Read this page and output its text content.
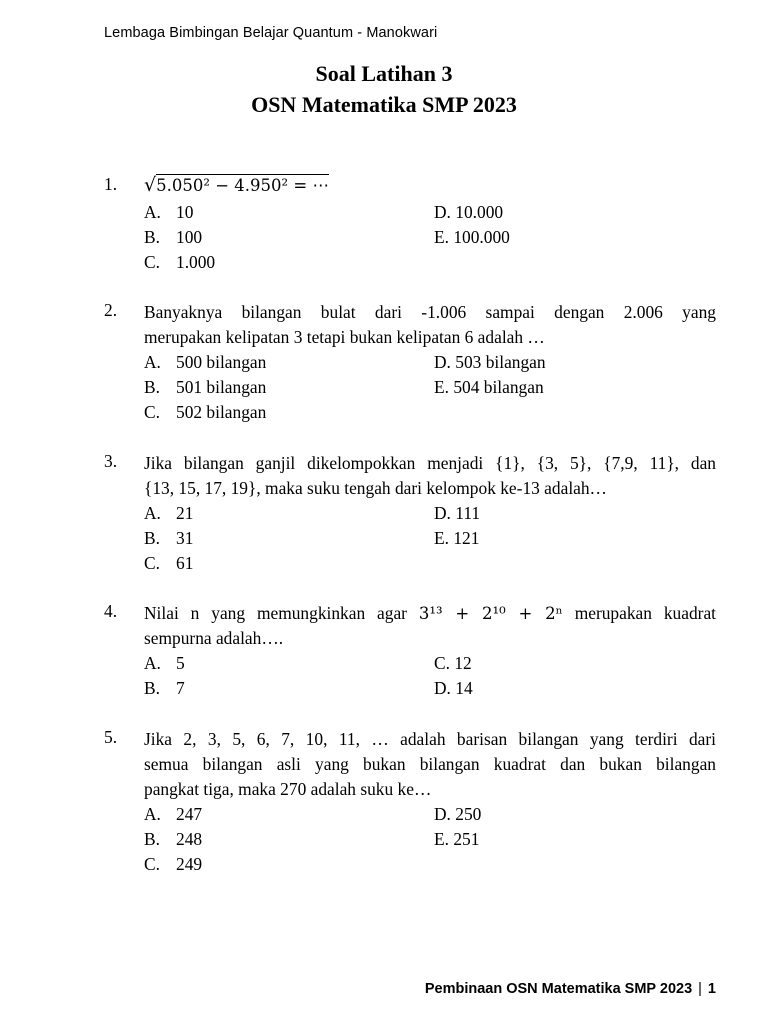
Lembaga Bimbingan Belajar Quantum - Manokwari
Soal Latihan 3
OSN Matematika SMP 2023
1. √5.050² − 4.950² = ⋯
A. 10
B. 100
C. 1.000
D. 10.000
E. 100.000
2. Banyaknya bilangan bulat dari -1.006 sampai dengan 2.006 yang
merupakan kelipatan 3 tetapi bukan kelipatan 6 adalah …
A. 500 bilangan
B. 501 bilangan
C. 502 bilangan
D. 503 bilangan
E. 504 bilangan
3. Jika bilangan ganjil dikelompokkan menjadi {1}, {3, 5}, {7,9, 11}, dan
{13, 15, 17, 19}, maka suku tengah dari kelompok ke-13 adalah…
A. 21
B. 31
C. 61
D. 111
E. 121
4. Nilai n yang memungkinkan agar 3¹³ + 2¹⁰ + 2ⁿ merupakan kuadrat
sempurna adalah….
A. 5
B. 7
C. 12
D. 14
5. Jika 2, 3, 5, 6, 7, 10, 11, … adalah barisan bilangan yang terdiri dari
semua bilangan asli yang bukan bilangan kuadrat dan bukan bilangan
pangkat tiga, maka 270 adalah suku ke…
A. 247
B. 248
C. 249
D. 250
E. 251
Pembinaan OSN Matematika SMP 2023 | 1
